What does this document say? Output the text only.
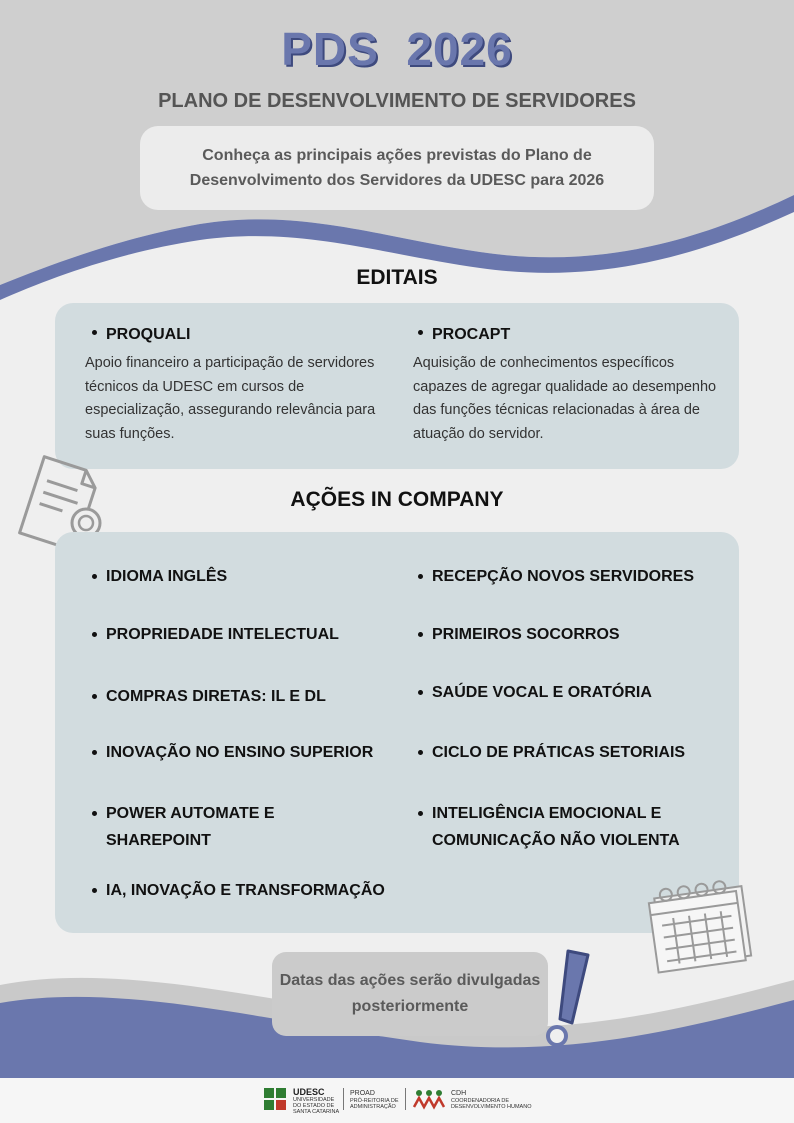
PDS  2026
PLANO DE DESENVOLVIMENTO DE SERVIDORES
Conheça as principais ações previstas do Plano de Desenvolvimento dos Servidores da UDESC para 2026
EDITAIS
PROQUALI
Apoio financeiro a participação de servidores técnicos da UDESC em cursos de especialização, assegurando relevância para suas funções.
PROCAPT
Aquisição de conhecimentos específicos capazes de agregar qualidade ao desempenho das funções técnicas relacionadas à área de atuação do servidor.
AÇÕES IN COMPANY
IDIOMA INGLÊS
PROPRIEDADE INTELECTUAL
COMPRAS DIRETAS: IL E DL
INOVAÇÃO NO ENSINO SUPERIOR
POWER AUTOMATE E SHAREPOINT
IA, INOVAÇÃO E TRANSFORMAÇÃO
RECEPÇÃO NOVOS SERVIDORES
PRIMEIROS SOCORROS
SAÚDE VOCAL E ORATÓRIA
CICLO DE PRÁTICAS SETORIAIS
INTELIGÊNCIA EMOCIONAL E COMUNICAÇÃO NÃO VIOLENTA
Datas das ações serão divulgadas posteriormente
UDESC
UNIVERSIDADE
DO ESTADO DE
SANTA CATARINA
PROAD
PRÓ-REITORIA DE
ADMINISTRAÇÃO
CDH
COORDENADORIA DE
DESENVOLVIMENTO HUMANO
